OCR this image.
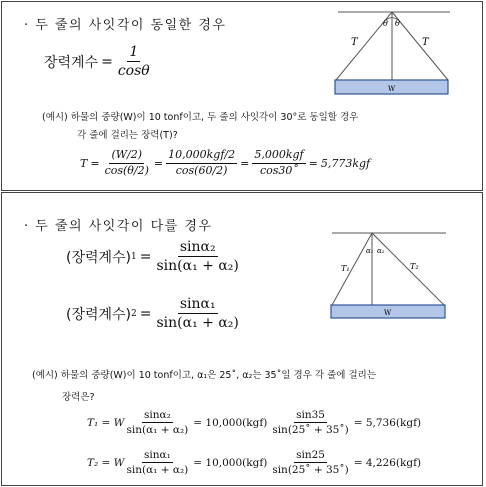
· 두 줄의 사잇각이 동일한 경우
장력계수 = $\frac{1}{\cos\theta}$
θ θ
T	T
W
(예시) 하물의 중량(W)이 10 tonf이고, 두 줄의 사잇각이 30°로 동일할 경우
각 줄에 걸리는 장력(T)?
$T = \frac{(W/2)}{\cos(\theta/2)} = \frac{\text{10,000kgf/2}}{\cos(60/2)} = \frac{\text{5,000kgf}}{\cos 30˚} = 5,773kgf$
· 두 줄의 사잇각이 다를 경우
(장력계수) $1 = \frac{\text{sinα₂}}{\text{sin(α₁ + α₂)}}$
(장력계수) $2 = \frac{\text{sinα₁}}{\text{sin(α₁ + α₂)}}$
α₁ α₂
T₁	T₂
W
(예시) 하물의 중량(W)이 10 tonf이고, α₁은 25˚, α₂는 35˚일 경우 각 줄에 걸리는
장력은?
T₁ = W $\frac{\text{sinα₂}}{\text{sin(α₁ + α₂)}} = 10,000(kgf) \frac{\sin 35}{\sin(25˚ + 35˚)} = 5,736(kgf)$
T₂ = W $\frac{\text{sinα₁}}{\text{sin(α₁ + α₂)}} = 10,000(kgf) \frac{\sin 25}{\sin(25˚ + 35˚)} = 4,226(kgf)$
